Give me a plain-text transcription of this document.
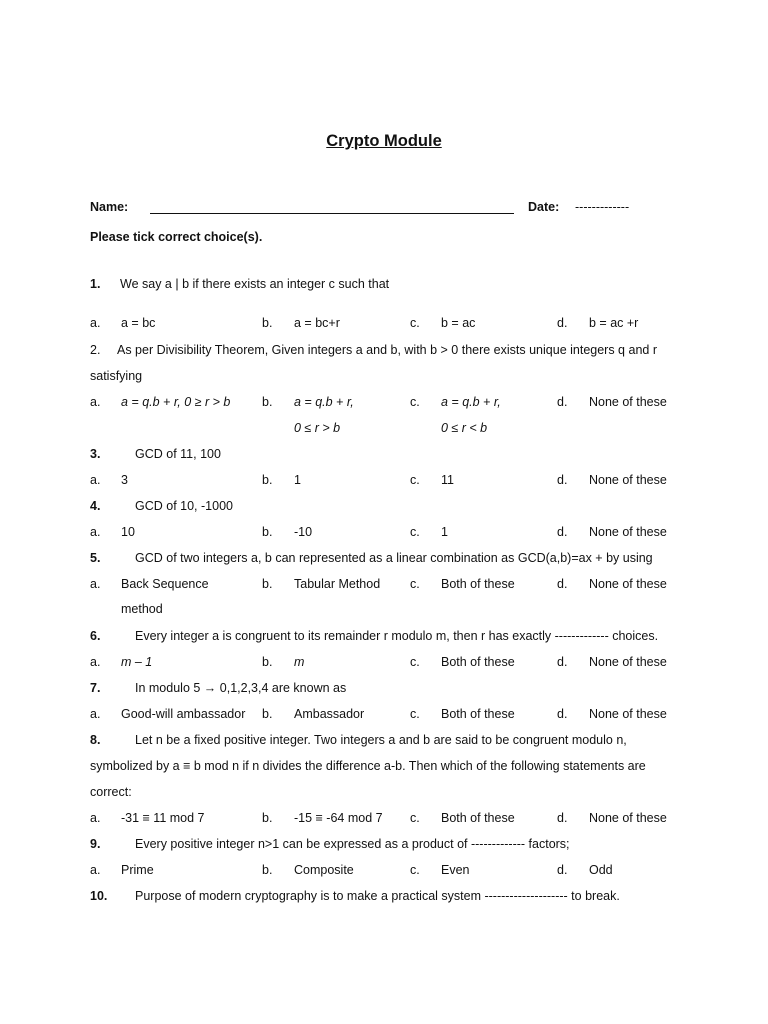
Crypto Module
Name:	Date: -------------
Please tick correct choice(s).
1. We say a | b if there exists an integer c such that
a. a = bc	b. a = bc+r	c. b = ac	d. b = ac +r
2. As per Divisibility Theorem, Given integers a and b, with b > 0 there exists unique integers q and r
satisfying
a. a = q.b + r, 0 ≥ r > b	b. a = q.b + r,
0 ≤ r > b
c. a = q.b + r,
0 ≤ r < b
d. None of these
3.	GCD of 11, 100
a. 3	b. 1	c. 11	d. None of these
4.	GCD of 10, -1000
a. 10	b. -10	c. 1	d. None of these
5.	GCD of two integers a, b can represented as a linear combination as GCD(a,b)=ax + by using
a. Back Sequence
method
b. Tabular Method c. Both of these	d. None of these
6.	Every integer a is congruent to its remainder r modulo m, then r has exactly ------------- choices.
a. m – 1	b. m	c. Both of these	d. None of these
7.	In modulo 5 → 0,1,2,3,4 are known as
a. Good-will ambassador b. Ambassador	c. Both of these	d. None of these
8.	Let n be a fixed positive integer. Two integers a and b are said to be congruent modulo n,
symbolized by a ≡ b mod n if n divides the difference a-b. Then which of the following statements are
correct:
a. -31 ≡ 11 mod 7	b. -15 ≡ -64 mod 7 c. Both of these	d. None of these
9.	Every positive integer n>1 can be expressed as a product of ------------- factors;
a. Prime	b. Composite	c. Even	d. Odd
10. Purpose of modern cryptography is to make a practical system -------------------- to break.
